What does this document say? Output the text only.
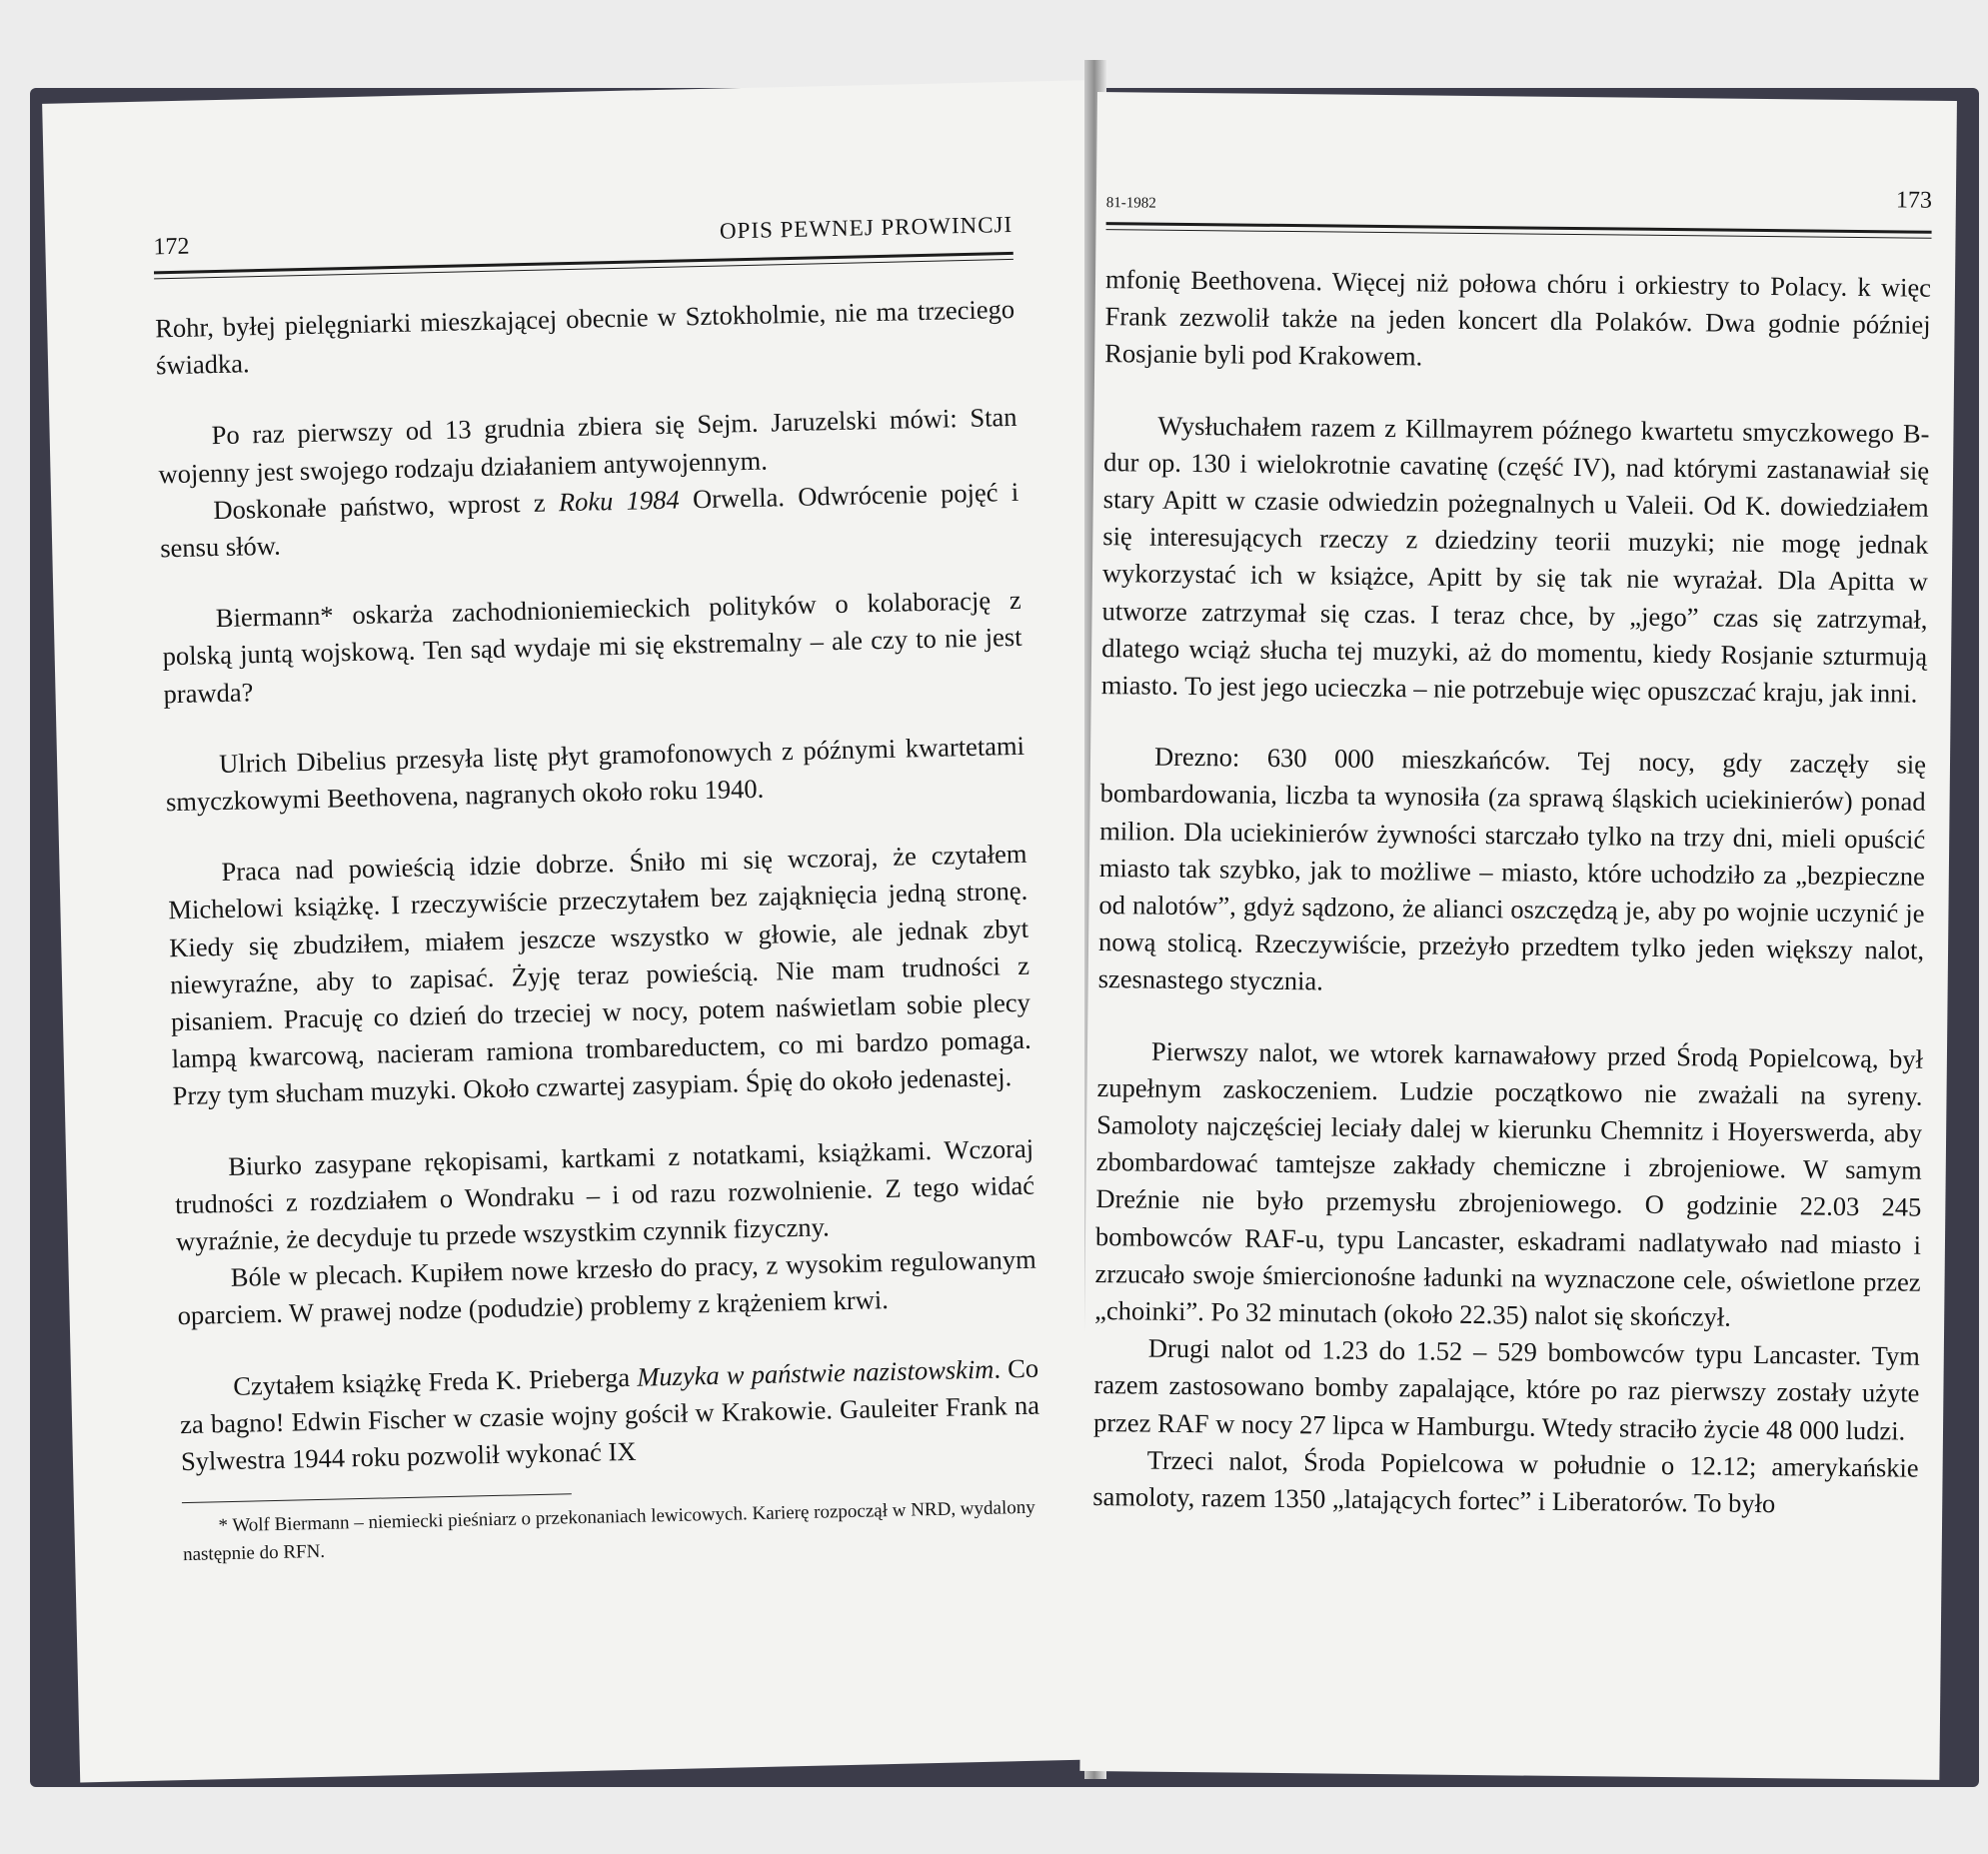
172
OPIS PEWNEJ PROWINCJI

Rohr, byłej pielęgniarki mieszkającej obecnie w Sztokholmie, nie ma trzeciego świadka.

Po raz pierwszy od 13 grudnia zbiera się Sejm. Jaruzelski mówi: Stan wojenny jest swojego rodzaju działaniem antywojennym.

Doskonałe państwo, wprost z Roku 1984 Orwella. Odwrócenie pojęć i sensu słów.

Biermann* oskarża zachodnioniemieckich polityków o kolaborację z polską juntą wojskową. Ten sąd wydaje mi się ekstremalny – ale czy to nie jest prawda?

Ulrich Dibelius przesyła listę płyt gramofonowych z późnymi kwartetami smyczkowymi Beethovena, nagranych około roku 1940.

Praca nad powieścią idzie dobrze. Śniło mi się wczoraj, że czytałem Michelowi książkę. I rzeczywiście przeczytałem bez zająknięcia jedną stronę. Kiedy się zbudziłem, miałem jeszcze wszystko w głowie, ale jednak zbyt niewyraźne, aby to zapisać. Żyję teraz powieścią. Nie mam trudności z pisaniem. Pracuję co dzień do trzeciej w nocy, potem naświetlam sobie plecy lampą kwarcową, nacieram ramiona trombareductem, co mi bardzo pomaga. Przy tym słucham muzyki. Około czwartej zasypiam. Śpię do około jedenastej.

Biurko zasypane rękopisami, kartkami z notatkami, książkami. Wczoraj trudności z rozdziałem o Wondraku – i od razu rozwolnienie. Z tego widać wyraźnie, że decyduje tu przede wszystkim czynnik fizyczny.

Bóle w plecach. Kupiłem nowe krzesło do pracy, z wysokim regulowanym oparciem. W prawej nodze (podudzie) problemy z krążeniem krwi.

Czytałem książkę Freda K. Prieberga Muzyka w państwie nazistowskim. Co za bagno! Edwin Fischer w czasie wojny gościł w Krakowie. Gauleiter Frank na Sylwestra 1944 roku pozwolił wykonać IX

* Wolf Biermann – niemiecki pieśniarz o przekonaniach lewicowych. Karierę rozpoczął w NRD, wydalony następnie do RFN.
81-1982	173

mfonię Beethovena. Więcej niż połowa chóru i orkiestry to Polacy. k więc Frank zezwolił także na jeden koncert dla Polaków. Dwa godnie później Rosjanie byli pod Krakowem.

Wysłuchałem razem z Killmayrem późnego kwartetu smyczkowego B-dur op. 130 i wielokrotnie cavatinę (część IV), nad którymi zastanawiał się stary Apitt w czasie odwiedzin pożegnalnych u Valeii. Od K. dowiedziałem się interesujących rzeczy z dziedziny teorii muzyki; nie mogę jednak wykorzystać ich w książce, Apitt by się tak nie wyrażał. Dla Apitta w utworze zatrzymał się czas. I teraz chce, by „jego” czas się zatrzymał, dlatego wciąż słucha tej muzyki, aż do momentu, kiedy Rosjanie szturmują miasto. To jest jego ucieczka – nie potrzebuje więc opuszczać kraju, jak inni.

Drezno: 630 000 mieszkańców. Tej nocy, gdy zaczęły się bombardowania, liczba ta wynosiła (za sprawą śląskich uciekinierów) ponad milion. Dla uciekinierów żywności starczało tylko na trzy dni, mieli opuścić miasto tak szybko, jak to możliwe – miasto, które uchodziło za „bezpieczne od nalotów”, gdyż sądzono, że alianci oszczędzą je, aby po wojnie uczynić je nową stolicą. Rzeczywiście, przeżyło przedtem tylko jeden większy nalot, szesnastego stycznia.

Pierwszy nalot, we wtorek karnawałowy przed Środą Popielcową, był zupełnym zaskoczeniem. Ludzie początkowo nie zważali na syreny. Samoloty najczęściej leciały dalej w kierunku Chemnitz i Hoyerswerda, aby zbombardować tamtejsze zakłady chemiczne i zbrojeniowe. W samym Dreźnie nie było przemysłu zbrojeniowego. O godzinie 22.03 245 bombowców RAF-u, typu Lancaster, eskadrami nadlatywało nad miasto i zrzucało swoje śmiercionośne ładunki na wyznaczone cele, oświetlone przez „choinki”. Po 32 minutach (około 22.35) nalot się skończył.

Drugi nalot od 1.23 do 1.52 – 529 bombowców typu Lancaster. Tym razem zastosowano bomby zapalające, które po raz pierwszy zostały użyte przez RAF w nocy 27 lipca w Hamburgu. Wtedy straciło życie 48 000 ludzi.

Trzeci nalot, Środa Popielcowa w południe o 12.12; amerykańskie samoloty, razem 1350 „latających fortec” i Liberatorów. To było
